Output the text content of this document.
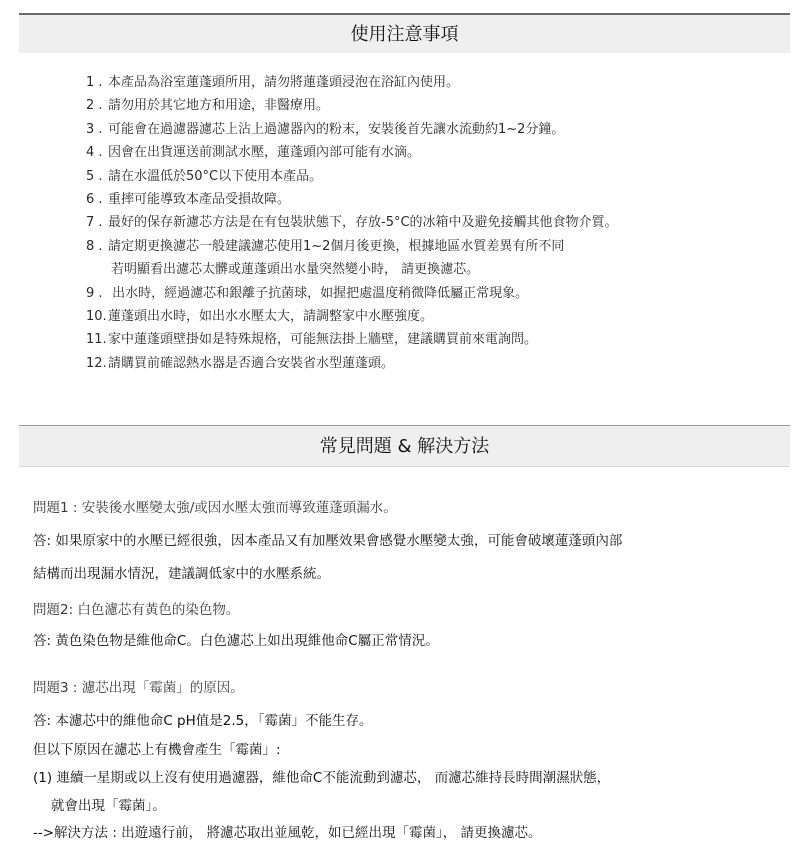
使用注意事項
1 . 本產品為浴室蓮蓬頭所用，請勿將蓮蓬頭浸泡在浴缸內使用。
2 . 請勿用於其它地方和用途，非醫療用。
3 . 可能會在過濾器濾芯上沾上過濾器內的粉末，安裝後首先讓水流動約1~2分鐘。
4 . 因會在出貨運送前測試水壓，蓮蓬頭內部可能有水滴。
5 . 請在水溫低於50°C以下使用本產品。
6 . 重摔可能導致本產品受損故障。
7 . 最好的保存新濾芯方法是在有包裝狀態下，存放-5°C的冰箱中及避免接觸其他食物介質。
8 . 請定期更換濾芯一般建議濾芯使用1~2個月後更換，根據地區水質差異有所不同
若明顯看出濾芯太髒或蓮蓬頭出水量突然變小時， 請更換濾芯。
9 . 出水時，經過濾芯和銀離子抗菌球，如握把處溫度稍微降低屬正常現象。
10.蓮蓬頭出水時，如出水水壓太大，請調整家中水壓強度。
11.家中蓮蓬頭壁掛如是特殊規格，可能無法掛上牆壁，建議購買前來電詢問。
12.請購買前確認熱水器是否適合安裝省水型蓮蓬頭。
常見問題 & 解決方法
問題1 : 安裝後水壓變太強/或因水壓太強而導致蓮蓬頭漏水。
答: 如果原家中的水壓已經很強，因本產品又有加壓效果會感覺水壓變太強，可能會破壞蓮蓬頭內部
結構而出現漏水情況，建議調低家中的水壓系統。
問題2: 白色濾芯有黃色的染色物。
答: 黃色染色物是維他命C。白色濾芯上如出現維他命C屬正常情況。
問題3 : 濾芯出現「霉菌」的原因。
答: 本濾芯中的維他命C pH值是2.5，「霉菌」不能生存。
但以下原因在濾芯上有機會產生「霉菌」:
(1) 連續一星期或以上沒有使用過濾器，維他命C不能流動到濾芯， 而濾芯維持長時間潮濕狀態，
就會出現「霉菌」。
-->解決方法 : 出遊遠行前， 將濾芯取出並風乾，如已經出現「霉菌」， 請更換濾芯。
